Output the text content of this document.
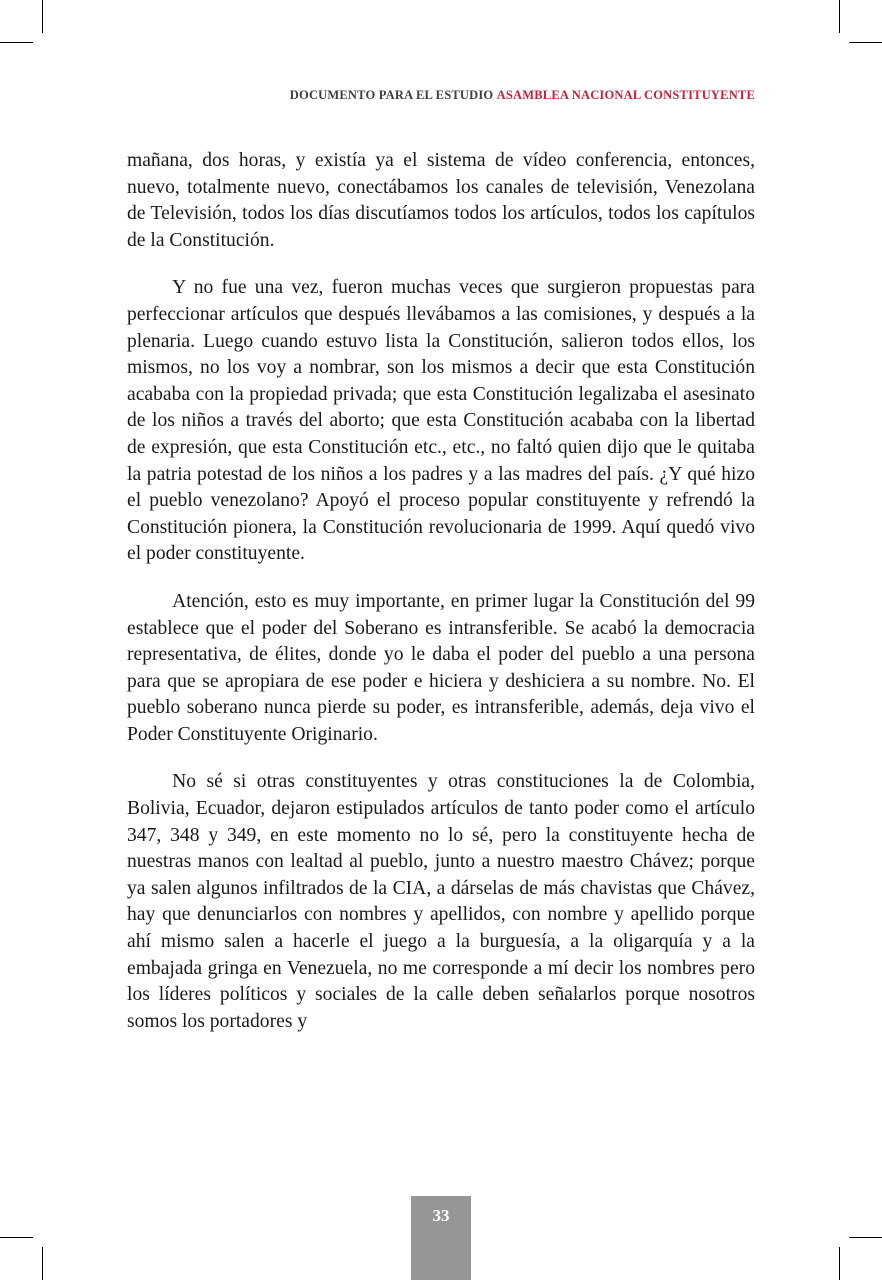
DOCUMENTO PARA EL ESTUDIO ASAMBLEA NACIONAL CONSTITUYENTE

mañana, dos horas, y existía ya el sistema de vídeo conferencia, entonces, nuevo, totalmente nuevo, conectábamos los canales de televisión, Venezolana de Televisión, todos los días discutíamos todos los artículos, todos los capítulos de la Constitución.

Y no fue una vez, fueron muchas veces que surgieron propuestas para perfeccionar artículos que después llevábamos a las comisiones, y después a la plenaria. Luego cuando estuvo lista la Constitución, salieron todos ellos, los mismos, no los voy a nombrar, son los mismos a decir que esta Constitución acababa con la propiedad privada; que esta Constitución legalizaba el asesinato de los niños a través del aborto; que esta Constitución acababa con la libertad de expresión, que esta Constitución etc., etc., no faltó quien dijo que le quitaba la patria potestad de los niños a los padres y a las madres del país. ¿Y qué hizo el pueblo venezolano? Apoyó el proceso popular constituyente y refrendó la Constitución pionera, la Constitución revolucionaria de 1999. Aquí quedó vivo el poder constituyente.

Atención, esto es muy importante, en primer lugar la Constitución del 99 establece que el poder del Soberano es intransferible. Se acabó la democracia representativa, de élites, donde yo le daba el poder del pueblo a una persona para que se apropiara de ese poder e hiciera y deshiciera a su nombre. No. El pueblo soberano nunca pierde su poder, es intransferible, además, deja vivo el Poder Constituyente Originario.

No sé si otras constituyentes y otras constituciones la de Colombia, Bolivia, Ecuador, dejaron estipulados artículos de tanto poder como el artículo 347, 348 y 349, en este momento no lo sé, pero la constituyente hecha de nuestras manos con lealtad al pueblo, junto a nuestro maestro Chávez; porque ya salen algunos infiltrados de la CIA, a dárselas de más chavistas que Chávez, hay que denunciarlos con nombres y apellidos, con nombre y apellido porque ahí mismo salen a hacerle el juego a la burguesía, a la oligarquía y a la embajada gringa en Venezuela, no me corresponde a mí decir los nombres pero los líderes políticos y sociales de la calle deben señalarlos porque nosotros somos los portadores y

33
